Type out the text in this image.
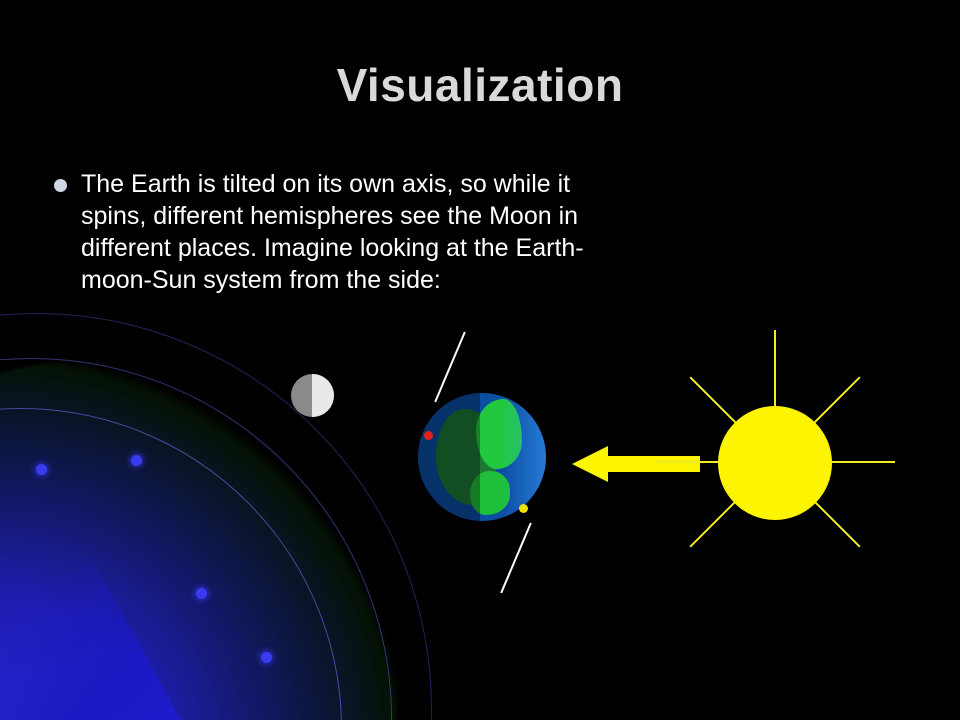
Visualization
The Earth is tilted on its own axis, so while it spins, different hemispheres see the Moon in different places. Imagine looking at the Earth-moon-Sun system from the side:
